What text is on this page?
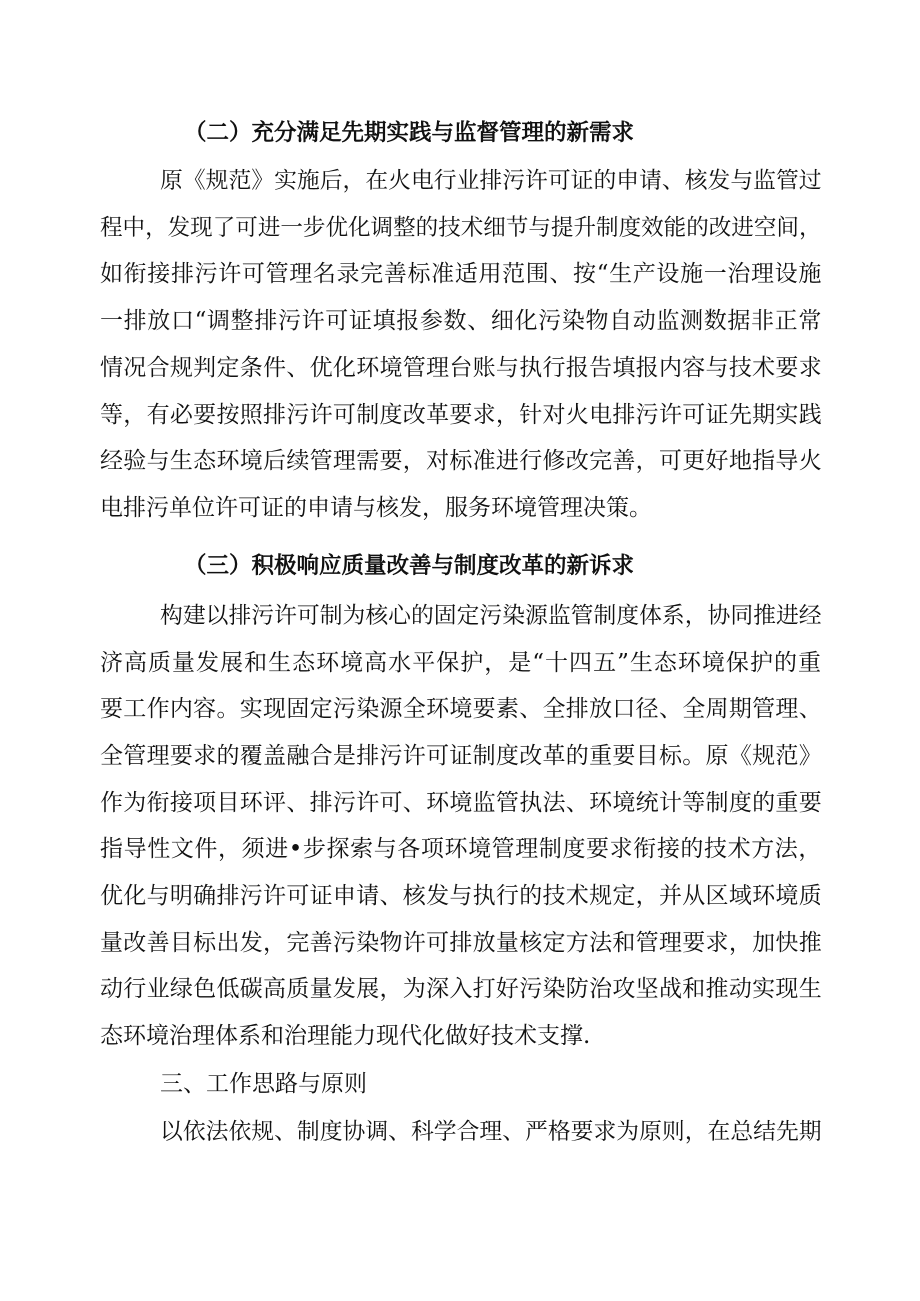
（二）充分满足先期实践与监督管理的新需求
原《规范》实施后，在火电行业排污许可证的申请、核发与监管过
程中，发现了可进一步优化调整的技术细节与提升制度效能的改进空间，
如衔接排污许可管理名录完善标准适用范围、按“生产设施一治理设施
一排放口“调整排污许可证填报参数、细化污染物自动监测数据非正常
情况合规判定条件、优化环境管理台账与执行报告填报内容与技术要求
等，有必要按照排污许可制度改革要求，针对火电排污许可证先期实践
经验与生态环境后续管理需要，对标准进行修改完善，可更好地指导火
电排污单位许可证的申请与核发，服务环境管理决策。
（三）积极响应质量改善与制度改革的新诉求
构建以排污许可制为核心的固定污染源监管制度体系，协同推进经
济高质量发展和生态环境高水平保护，是“十四五”生态环境保护的重
要工作内容。实现固定污染源全环境要素、全排放口径、全周期管理、
全管理要求的覆盖融合是排污许可证制度改革的重要目标。原《规范》
作为衔接项目环评、排污许可、环境监管执法、环境统计等制度的重要
指导性文件，须进•步探索与各项环境管理制度要求衔接的技术方法，
优化与明确排污许可证申请、核发与执行的技术规定，并从区域环境质
量改善目标出发，完善污染物许可排放量核定方法和管理要求，加快推
动行业绿色低碳高质量发展，为深入打好污染防治攻坚战和推动实现生
态环境治理体系和治理能力现代化做好技术支撑.
三、工作思路与原则
以依法依规、制度协调、科学合理、严格要求为原则，在总结先期
